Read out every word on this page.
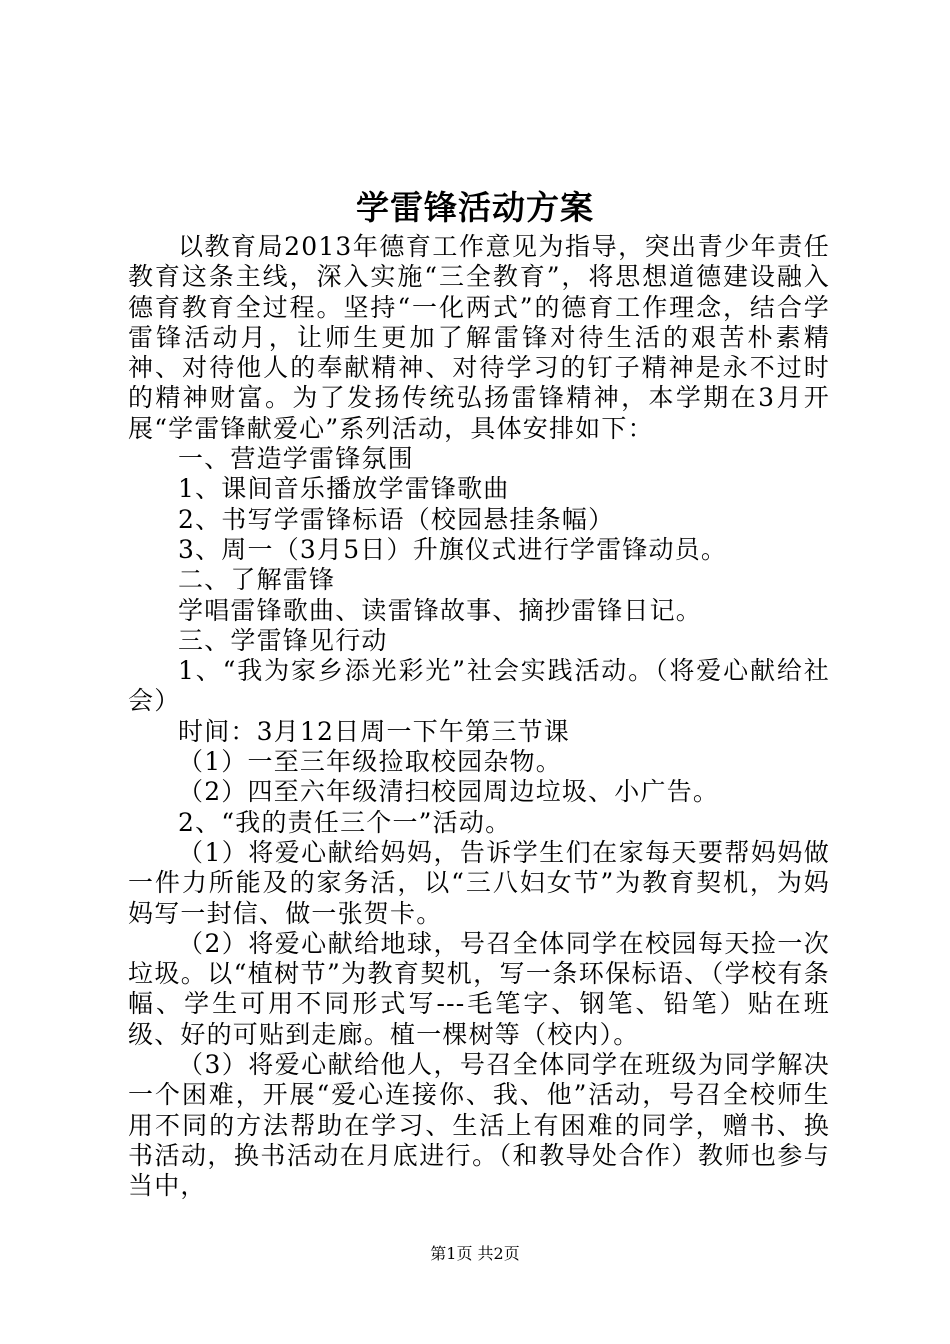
学雷锋活动方案

以教育局2013年德育工作意见为指导，突出青少年责任教育这条主线，深入实施“三全教育”，将思想道德建设融入德育教育全过程。坚持“一化两式”的德育工作理念，结合学雷锋活动月，让师生更加了解雷锋对待生活的艰苦朴素精神、对待他人的奉献精神、对待学习的钉子精神是永不过时的精神财富。为了发扬传统弘扬雷锋精神，本学期在3月开展“学雷锋献爱心”系列活动，具体安排如下：

一、营造学雷锋氛围

1、课间音乐播放学雷锋歌曲

2、书写学雷锋标语（校园悬挂条幅）

3、周一（3月5日）升旗仪式进行学雷锋动员。

二、了解雷锋

学唱雷锋歌曲、读雷锋故事、摘抄雷锋日记。

三、学雷锋见行动

1、“我为家乡添光彩光”社会实践活动。（将爱心献给社会）

时间：3月12日周一下午第三节课

（1）一至三年级捡取校园杂物。

（2）四至六年级清扫校园周边垃圾、小广告。

2、“我的责任三个一”活动。

（1）将爱心献给妈妈，告诉学生们在家每天要帮妈妈做一件力所能及的家务活，以“三八妇女节”为教育契机，为妈妈写一封信、做一张贺卡。

（2）将爱心献给地球，号召全体同学在校园每天捡一次垃圾。以“植树节”为教育契机，写一条环保标语、（学校有条幅、学生可用不同形式写---毛笔字、钢笔、铅笔）贴在班级、好的可贴到走廊。植一棵树等（校内）。

（3）将爱心献给他人，号召全体同学在班级为同学解决一个困难，开展“爱心连接你、我、他”活动，号召全校师生用不同的方法帮助在学习、生活上有困难的同学，赠书、换书活动，换书活动在月底进行。（和教导处合作）教师也参与当中，

第1页 共2页
